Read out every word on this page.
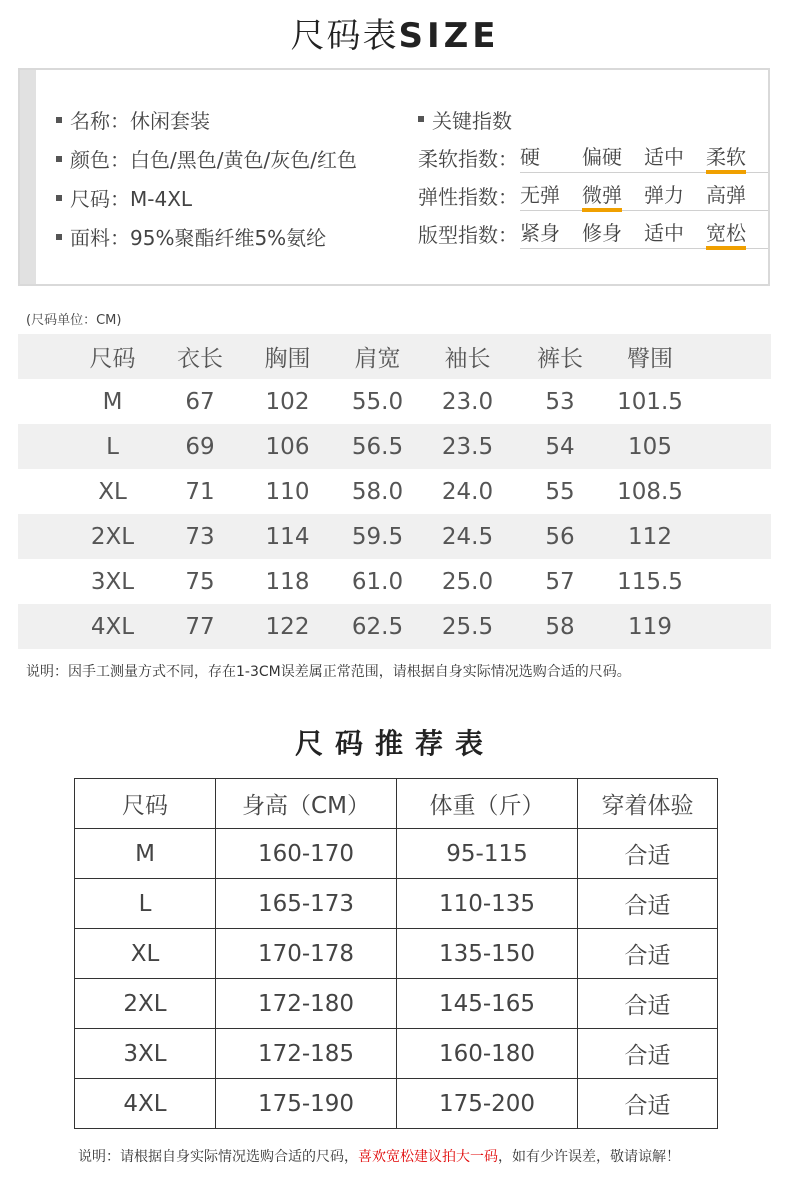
尺码表SIZE
名称：休闲套装
颜色：白色/黑色/黄色/灰色/红色
尺码：M-4XL
面料：95%聚酯纤维5%氨纶
关键指数
柔软指数： 硬	偏硬	适中	柔软
弹性指数： 无弹	微弹	弹力	高弹
版型指数： 紧身	修身	适中	宽松
(尺码单位：CM)
尺码	衣长	胸围	肩宽	袖长	裤长	臀围
M	67	102	55.0	23.0	53	101.5
L	69	106	56.5	23.5	54	105
XL	71	110	58.0	24.0	55	108.5
2XL	73	114	59.5	24.5	56	112
3XL	75	118	61.0	25.0	57	115.5
4XL	77	122	62.5	25.5	58	119
说明：因手工测量方式不同，存在1-3CM误差属正常范围，请根据自身实际情况选购合适的尺码。
尺码推荐表
尺码	身高（CM）	体重（斤）	穿着体验
M	160-170	95-115	合适
L	165-173	110-135	合适
XL	170-178	135-150	合适
2XL	172-180	145-165	合适
3XL	172-185	160-180	合适
4XL	175-190	175-200	合适
说明：请根据自身实际情况选购合适的尺码，喜欢宽松建议拍大一码，如有少许误差，敬请谅解！
